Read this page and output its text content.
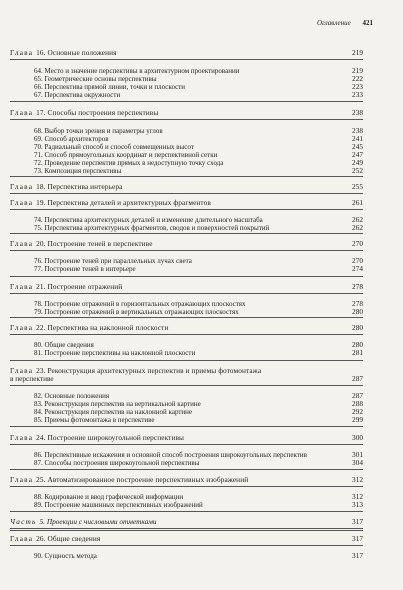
Оглавление 421
Глава 16. Основные положения	219
64. Место и значение перспективы в архитектурном проектировании	219
65. Геометрические основы перспективы	222
66. Перспектива прямой линии, точки и плоскости	223
67. Перспектива окружности	233
Глава 17. Способы построения перспективы	238
68. Выбор точки зрения и параметры углов	238
69. Способ архитекторов	241
70. Радиальный способ и способ совмещенных высот	245
71. Способ прямоугольных координат и перспективной сетки	247
72. Проведение перспектив прямых в недоступную точку схода	249
73. Композиция перспективы	252
Глава 18. Перспектива интерьера	255
Глава 19. Перспектива деталей и архитектурных фрагментов	261
74. Перспектива архитектурных деталей и изменение длительного масштаба	262
75. Перспектива архитектурных фрагментов, сводов и поверхностей покрытий	262
Глава 20. Построение теней в перспективе	270
76. Построение теней при параллельных лучах света	270
77. Построение теней в интерьере	274
Глава 21. Построение отражений	278
78. Построение отражений в горизонтальных отражающих плоскостях	278
79. Построение отражений в вертикальных отражающих плоскостях	280
Глава 22. Перспектива на наклонной плоскости	280
80. Общие сведения	280
81. Построение перспективы на наклонной плоскости	281
Глава 23. Реконструкция архитектурных перспектив и приемы фотомонтажа
в перспективе	287
82. Основные положения	287
83. Реконструкция перспектив на вертикальной картине	288
84. Реконструкция перспектив на наклонной картине	292
85. Приемы фотомонтажа в перспективе	299
Глава 24. Построение широкоугольной перспективы	300
86. Перспективные искажения и основной способ построения широкоугольных перспектив	301
87. Способы построения широкоугольной перспективы	304
Глава 25. Автоматизированное построение перспективных изображений	312
88. Кодирование и ввод графической информации	312
89. Построение машинных перспективных изображений	313
Часть 5. Проекции с числовыми отметками	317
Глава 26. Общие сведения	317
90. Сущность метода	317
